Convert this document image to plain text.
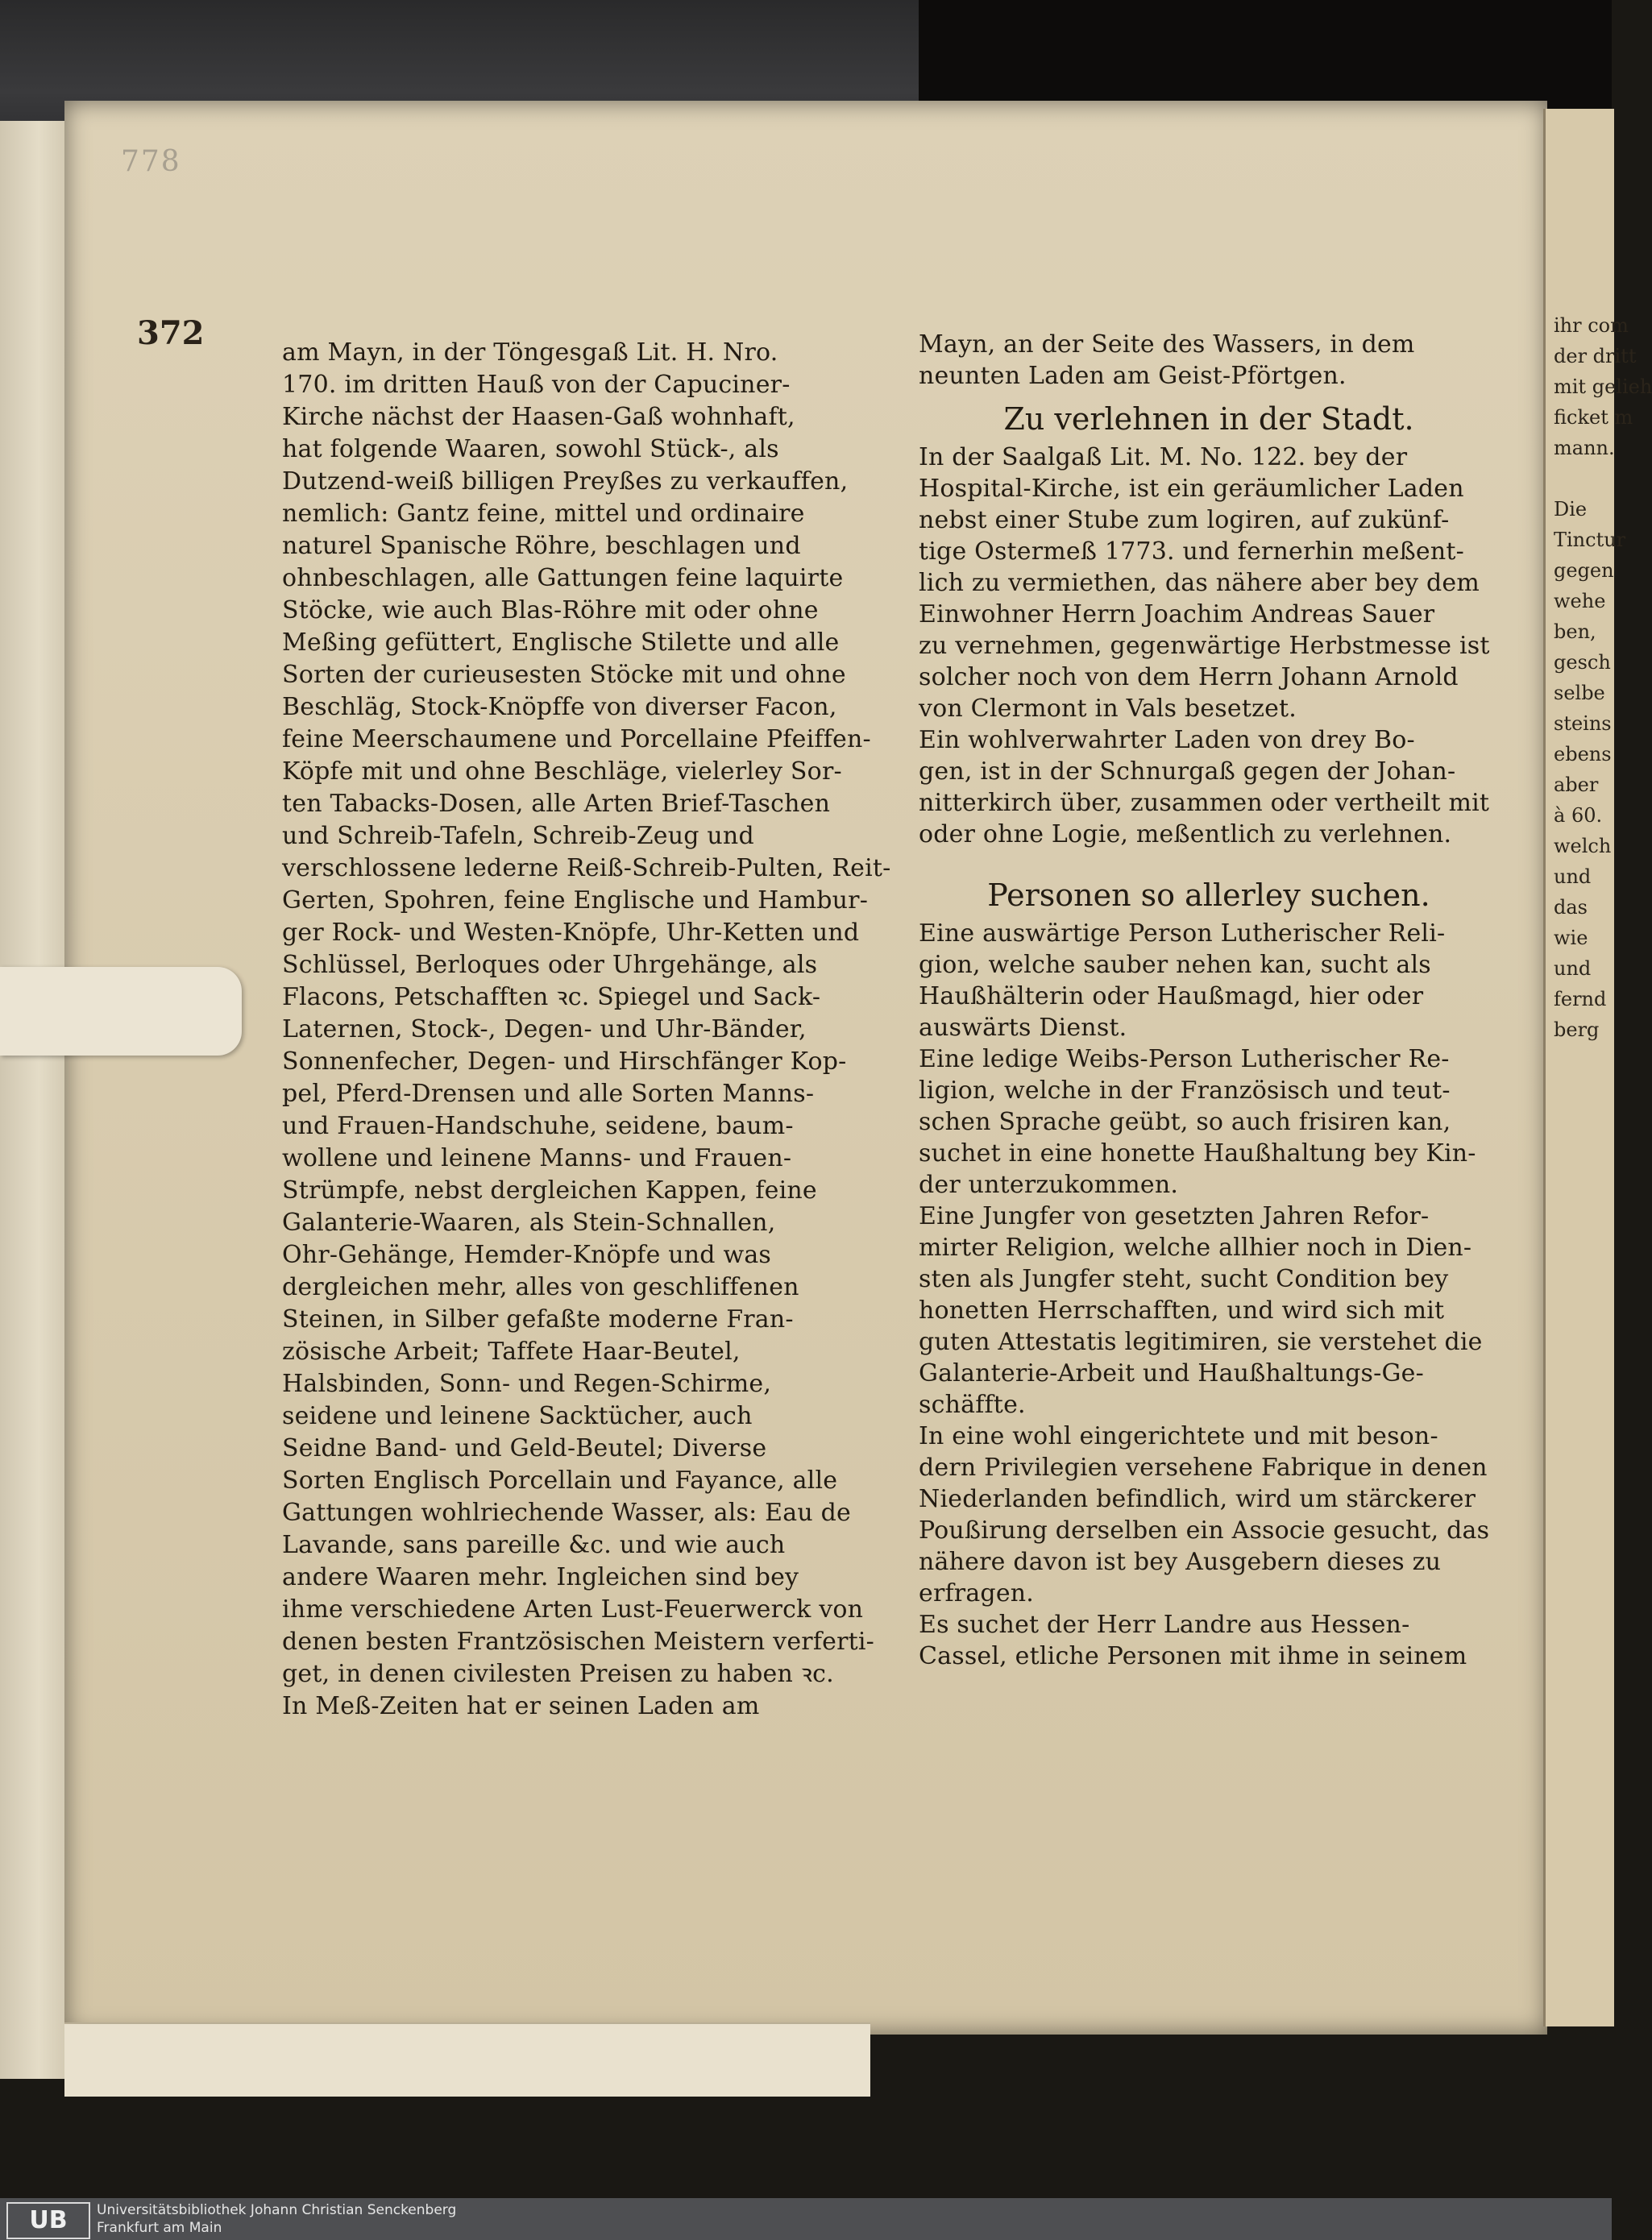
ihr com
der dritt
mit gelieh
ficket m
mann.
Die
Tinctur
gegen
wehe
ben,
gesch
selbe
steins
ebens
aber
à 60.
welch
und
das
wie
und
fernd
berg
778
372
am Mayn, in der Töngesgaß Lit. H. Nro.
170. im dritten Hauß von der Capuciner-
Kirche nächst der Haasen-Gaß wohnhaft,
hat folgende Waaren, sowohl Stück-, als
Dutzend-weiß billigen Preyßes zu verkauffen,
nemlich: Gantz feine, mittel und ordinaire
naturel Spanische Röhre, beschlagen und
ohnbeschlagen, alle Gattungen feine laquirte
Stöcke, wie auch Blas-Röhre mit oder ohne
Meßing gefüttert, Englische Stilette und alle
Sorten der curieusesten Stöcke mit und ohne
Beschläg, Stock-Knöpffe von diverser Facon,
feine Meerschaumene und Porcellaine Pfeiffen-
Köpfe mit und ohne Beschläge, vielerley Sor-
ten Tabacks-Dosen, alle Arten Brief-Taschen
und Schreib-Tafeln, Schreib-Zeug und
verschlossene lederne Reiß-Schreib-Pulten, Reit-
Gerten, Spohren, feine Englische und Hambur-
ger Rock- und Westen-Knöpfe, Uhr-Ketten und
Schlüssel, Berloques oder Uhrgehänge, als
Flacons, Petschafften ꝛc. Spiegel und Sack-
Laternen, Stock-, Degen- und Uhr-Bänder,
Sonnenfecher, Degen- und Hirschfänger Kop-
pel, Pferd-Drensen und alle Sorten Manns-
und Frauen-Handschuhe, seidene, baum-
wollene und leinene Manns- und Frauen-
Strümpfe, nebst dergleichen Kappen, feine
Galanterie-Waaren, als Stein-Schnallen,
Ohr-Gehänge, Hemder-Knöpfe und was
dergleichen mehr, alles von geschliffenen
Steinen, in Silber gefaßte moderne Fran-
zösische Arbeit; Taffete Haar-Beutel,
Halsbinden, Sonn- und Regen-Schirme,
seidene und leinene Sacktücher, auch
Seidne Band- und Geld-Beutel; Diverse
Sorten Englisch Porcellain und Fayance, alle
Gattungen wohlriechende Wasser, als: Eau de
Lavande, sans pareille &c. und wie auch
andere Waaren mehr. Ingleichen sind bey
ihme verschiedene Arten Lust-Feuerwerck von
denen besten Frantzösischen Meistern verferti-
get, in denen civilesten Preisen zu haben ꝛc.
In Meß-Zeiten hat er seinen Laden am
Mayn, an der Seite des Wassers, in dem
neunten Laden am Geist-Pförtgen.
Zu verlehnen in der Stadt.
In der Saalgaß Lit. M. No. 122. bey der
Hospital-Kirche, ist ein geräumlicher Laden
nebst einer Stube zum logiren, auf zukünf-
tige Ostermeß 1773. und fernerhin meßent-
lich zu vermiethen, das nähere aber bey dem
Einwohner Herrn Joachim Andreas Sauer
zu vernehmen, gegenwärtige Herbstmesse ist
solcher noch von dem Herrn Johann Arnold
von Clermont in Vals besetzet.
Ein wohlverwahrter Laden von drey Bo-
gen, ist in der Schnurgaß gegen der Johan-
nitterkirch über, zusammen oder vertheilt mit
oder ohne Logie, meßentlich zu verlehnen.
Personen so allerley suchen.
Eine auswärtige Person Lutherischer Reli-
gion, welche sauber nehen kan, sucht als
Haußhälterin oder Haußmagd, hier oder
auswärts Dienst.
Eine ledige Weibs-Person Lutherischer Re-
ligion, welche in der Französisch und teut-
schen Sprache geübt, so auch frisiren kan,
suchet in eine honette Haußhaltung bey Kin-
der unterzukommen.
Eine Jungfer von gesetzten Jahren Refor-
mirter Religion, welche allhier noch in Dien-
sten als Jungfer steht, sucht Condition bey
honetten Herrschafften, und wird sich mit
guten Attestatis legitimiren, sie verstehet die
Galanterie-Arbeit und Haußhaltungs-Ge-
schäffte.
In eine wohl eingerichtete und mit beson-
dern Privilegien versehene Fabrique in denen
Niederlanden befindlich, wird um stärckerer
Poußirung derselben ein Associe gesucht, das
nähere davon ist bey Ausgebern dieses zu
erfragen.
Es suchet der Herr Landre aus Hessen-
Cassel, etliche Personen mit ihme in seinem
UB	Universitätsbibliothek Johann Christian Senckenberg
Frankfurt am Main
